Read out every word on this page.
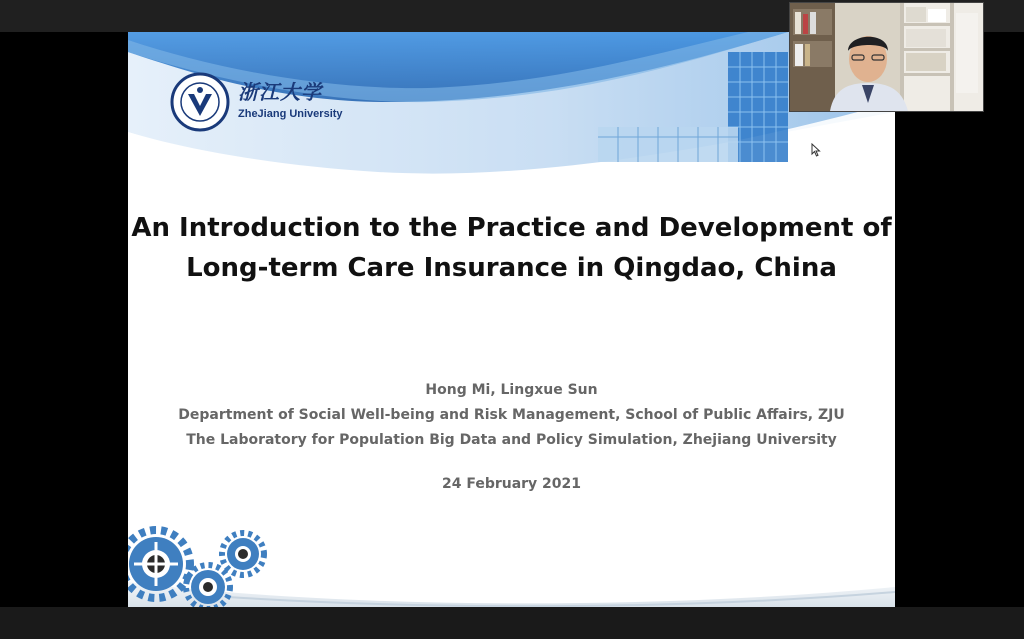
浙江大学
ZheJiang University
An Introduction to the Practice and Development of
Long-term Care Insurance in Qingdao, China
Hong Mi, Lingxue Sun
Department of Social Well-being and Risk Management, School of Public Affairs, ZJU
The Laboratory for Population Big Data and Policy Simulation, Zhejiang University
24 February 2021
